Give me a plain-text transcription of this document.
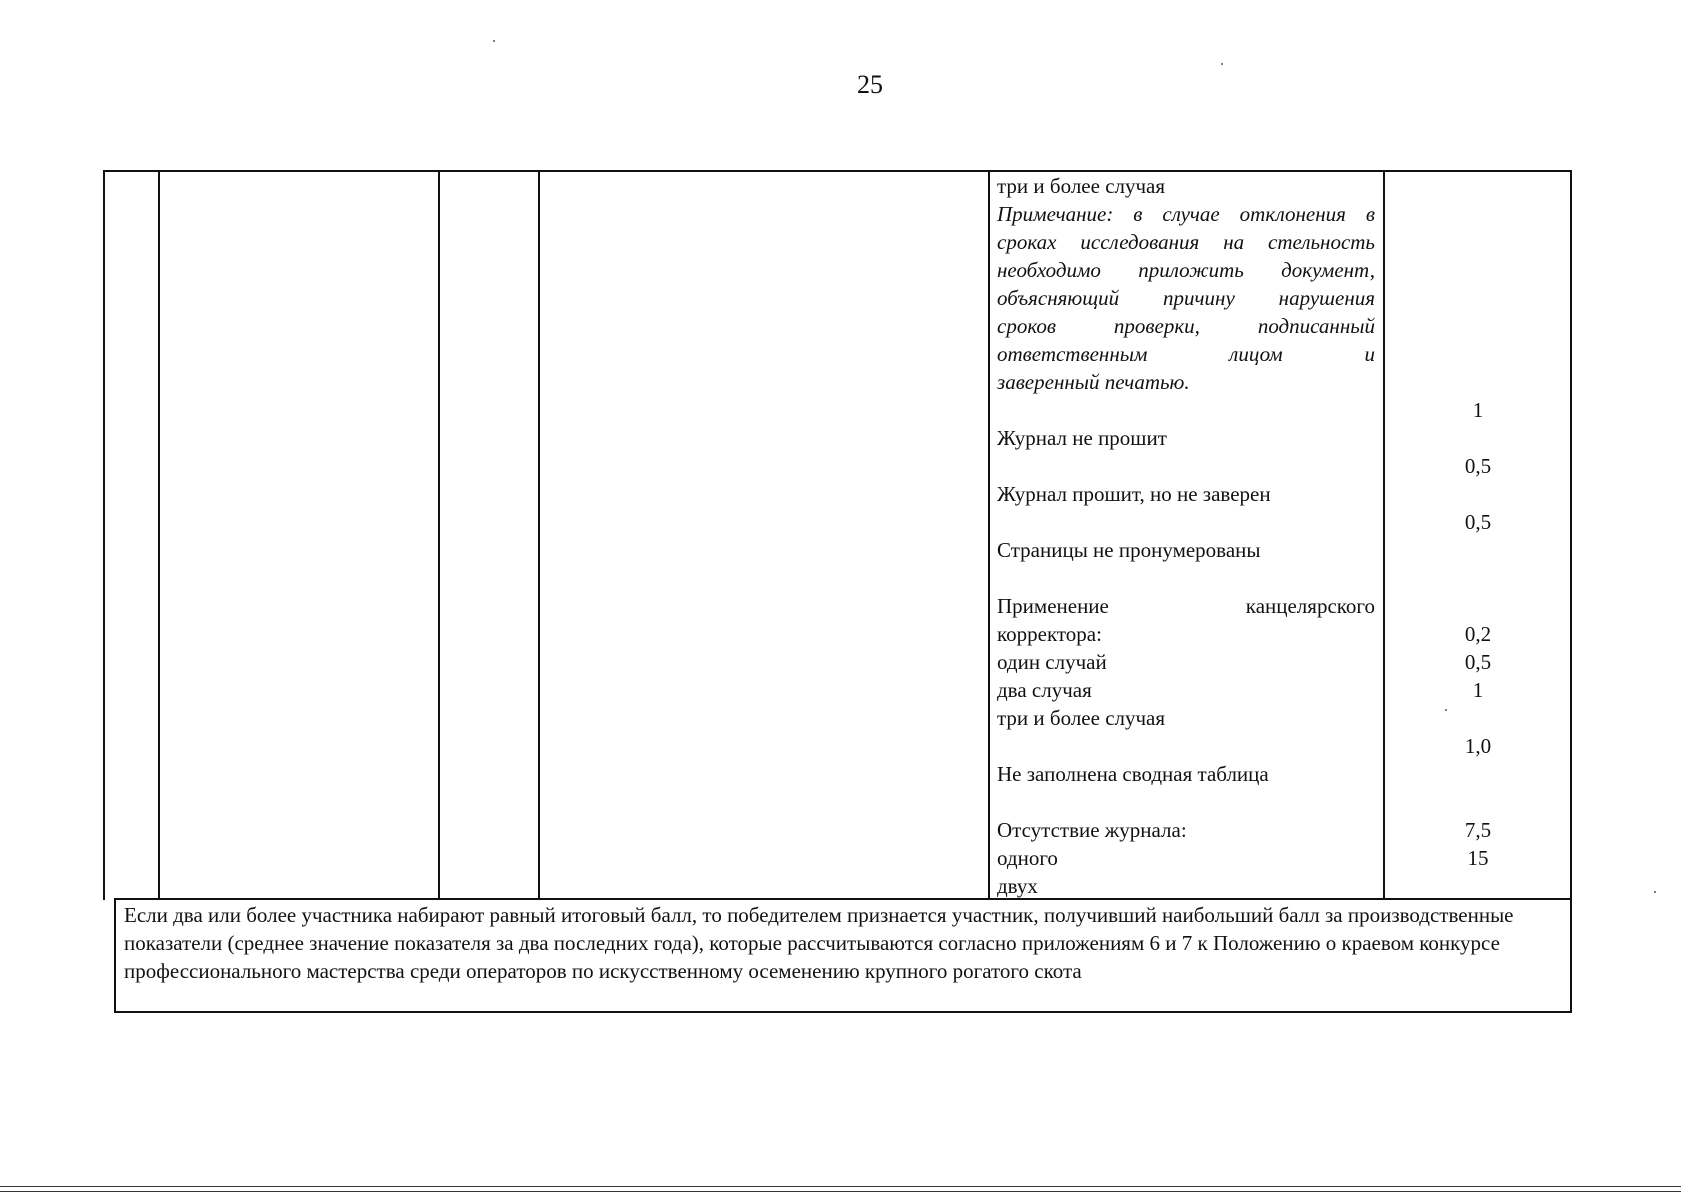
25
три и более случая
Примечание: в случае отклонения в
сроках исследования на стельность
необходимо приложить документ,
объясняющий причину нарушения
сроков проверки, подписанный
ответственным лицом и
заверенный печатью.
Журнал не прошит
Журнал прошит, но не заверен
Страницы не пронумерованы
Применение канцелярского
корректора:
один случай
два случая
три и более случая
Не заполнена сводная таблица
Отсутствие журнала:
одного
двух
1
0,5
0,5
0,2
0,5
1
1,0
7,5
15
Если два или более участника набирают равный итоговый балл, то победителем признается участник, получивший наибольший балл за производственные показатели (среднее значение показателя за два последних года), которые рассчитываются согласно приложениям 6 и 7 к Положению о краевом конкурсе профессионального мастерства среди операторов по искусственному осеменению крупного рогатого скота
